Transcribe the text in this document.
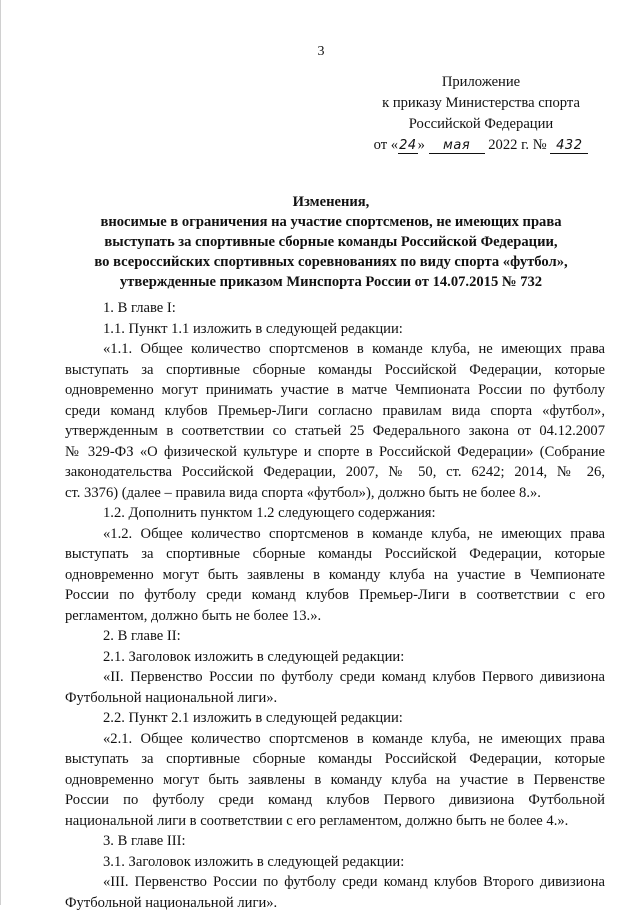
3
Приложение
к приказу Министерства спорта
Российской Федерации
от «24» мая 2022 г. № 432
Изменения,
вносимые в ограничения на участие спортсменов, не имеющих права
выступать за спортивные сборные команды Российской Федерации,
во всероссийских спортивных соревнованиях по виду спорта «футбол»,
утвержденные приказом Минспорта России от 14.07.2015 № 732

1. В главе I:

1.1. Пункт 1.1 изложить в следующей редакции:

«1.1. Общее количество спортсменов в команде клуба, не имеющих права
выступать за спортивные сборные команды Российской Федерации, которые
одновременно могут принимать участие в матче Чемпионата России по футболу
среди команд клубов Премьер-Лиги согласно правилам вида спорта «футбол»,
утвержденным в соответствии со статьей 25 Федерального закона от 04.12.2007
№ 329-ФЗ «О физической культуре и спорте в Российской Федерации» (Собрание
законодательства Российской Федерации, 2007, № 50, ст. 6242; 2014, № 26,
ст. 3376) (далее – правила вида спорта «футбол»), должно быть не более 8.».

1.2. Дополнить пунктом 1.2 следующего содержания:

«1.2. Общее количество спортсменов в команде клуба, не имеющих права
выступать за спортивные сборные команды Российской Федерации, которые
одновременно могут быть заявлены в команду клуба на участие в Чемпионате
России по футболу среди команд клубов Премьер-Лиги в соответствии с его
регламентом, должно быть не более 13.».

2. В главе II:

2.1. Заголовок изложить в следующей редакции:

«II. Первенство России по футболу среди команд клубов Первого дивизиона
Футбольной национальной лиги».

2.2. Пункт 2.1 изложить в следующей редакции:

«2.1. Общее количество спортсменов в команде клуба, не имеющих права
выступать за спортивные сборные команды Российской Федерации, которые
одновременно могут быть заявлены в команду клуба на участие в Первенстве
России по футболу среди команд клубов Первого дивизиона Футбольной
национальной лиги в соответствии с его регламентом, должно быть не более 4.».

3. В главе III:

3.1. Заголовок изложить в следующей редакции:

«III. Первенство России по футболу среди команд клубов Второго дивизиона
Футбольной национальной лиги».
